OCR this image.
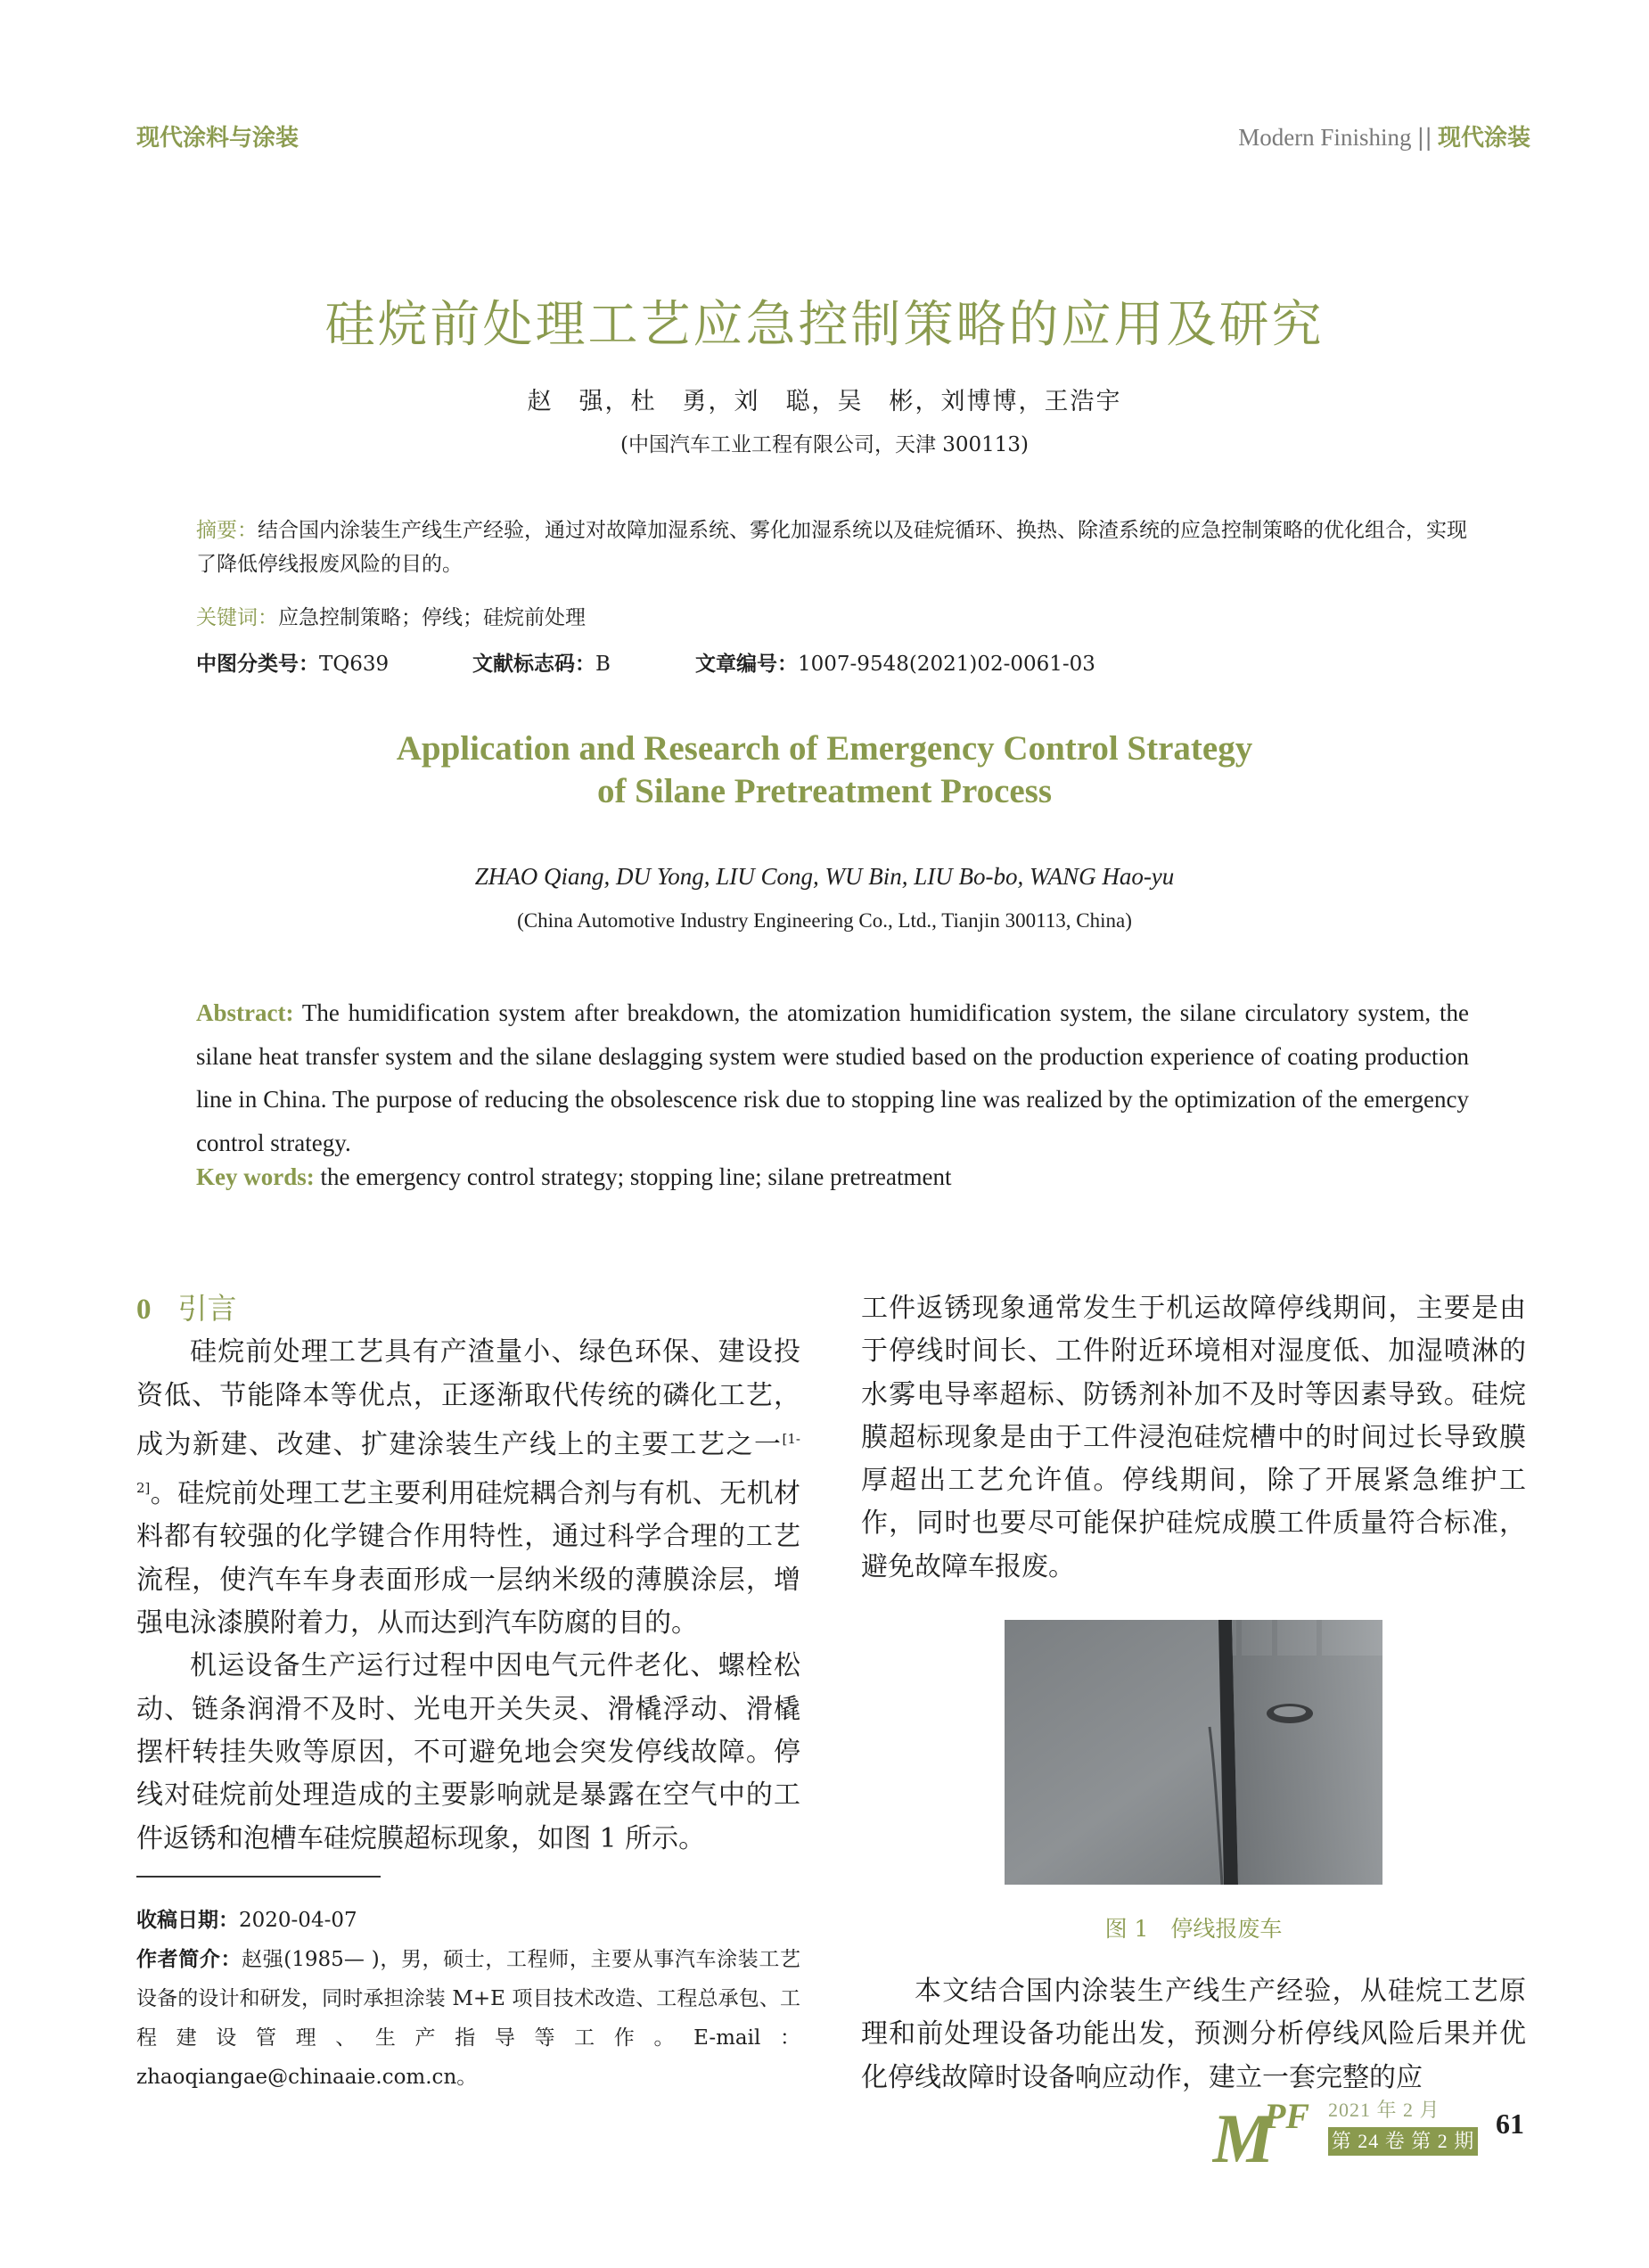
现代涂料与涂装	Modern Finishing || 现代涂装
硅烷前处理工艺应急控制策略的应用及研究
赵　强，杜　勇，刘　聪，吴　彬，刘博博，王浩宇
(中国汽车工业工程有限公司，天津 300113)
摘要：结合国内涂装生产线生产经验，通过对故障加湿系统、雾化加湿系统以及硅烷循环、换热、除渣系统的应急控制策略的优化组合，实现了降低停线报废风险的目的。
关键词：应急控制策略；停线；硅烷前处理
中图分类号：TQ639	文献标志码：B	文章编号：1007-9548(2021)02-0061-03
Application and Research of Emergency Control Strategy
of Silane Pretreatment Process
ZHAO Qiang, DU Yong, LIU Cong, WU Bin, LIU Bo-bo, WANG Hao-yu
(China Automotive Industry Engineering Co., Ltd., Tianjin 300113, China)
Abstract: The humidification system after breakdown, the atomization humidification system, the silane circulatory system, the silane heat transfer system and the silane deslagging system were studied based on the production experience of coating production line in China. The purpose of reducing the obsolescence risk due to stopping line was realized by the optimization of the emergency control strategy.
Key words: the emergency control strategy; stopping line; silane pretreatment
0 引言

硅烷前处理工艺具有产渣量小、绿色环保、建设投资低、节能降本等优点，正逐渐取代传统的磷化工艺，成为新建、改建、扩建涂装生产线上的主要工艺之一[1-2]。硅烷前处理工艺主要利用硅烷耦合剂与有机、无机材料都有较强的化学键合作用特性，通过科学合理的工艺流程，使汽车车身表面形成一层纳米级的薄膜涂层，增强电泳漆膜附着力，从而达到汽车防腐的目的。

机运设备生产运行过程中因电气元件老化、螺栓松动、链条润滑不及时、光电开关失灵、滑橇浮动、滑橇摆杆转挂失败等原因，不可避免地会突发停线故障。停线对硅烷前处理造成的主要影响就是暴露在空气中的工件返锈和泡槽车硅烷膜超标现象，如图 1 所示。

收稿日期：2020-04-07
作者简介：赵强(1985— )，男，硕士，工程师，主要从事汽车涂装工艺设备的设计和研发，同时承担涂装 M+E 项目技术改造、工程总承包、工程建设管理、生产指导等工作。E-mail：zhaoqiangae@chinaaie.com.cn。

工件返锈现象通常发生于机运故障停线期间，主要是由于停线时间长、工件附近环境相对湿度低、加湿喷淋的水雾电导率超标、防锈剂补加不及时等因素导致。硅烷膜超标现象是由于工件浸泡硅烷槽中的时间过长导致膜厚超出工艺允许值。停线期间，除了开展紧急维护工作，同时也要尽可能保护硅烷成膜工件质量符合标准，避免故障车报废。

图 1　停线报废车

本文结合国内涂装生产线生产经验，从硅烷工艺原理和前处理设备功能出发，预测分析停线风险后果并优化停线故障时设备响应动作，建立一套完整的应

M
PF 2021 年 2 月
第 24 卷 第 2 期
61
